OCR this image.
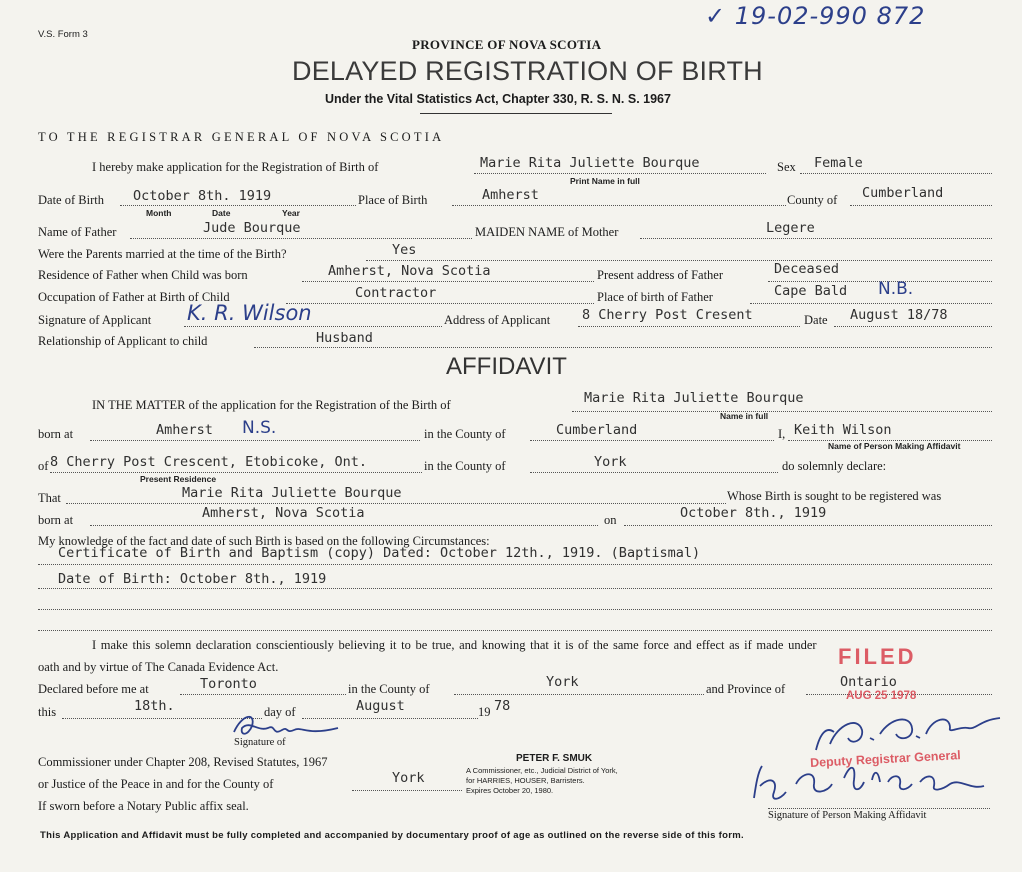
V.S. Form 3
✓ 19-02-990 872
PROVINCE OF NOVA SCOTIA
DELAYED REGISTRATION OF BIRTH
Under the Vital Statistics Act, Chapter 330, R. S. N. S. 1967
TO THE REGISTRAR GENERAL OF NOVA SCOTIA
I hereby make application for the Registration of Birth of	Marie Rita Juliette Bourque	Sex Female
Print Name in full
Date of Birth October 8th. 1919	Place of Birth	Amherst	County of Cumberland
Month	Date	Year
Name of Father	Jude Bourque	MAIDEN NAME of Mother	Legere
Were the Parents married at the time of the Birth?	Yes
Residence of Father when Child was born	Amherst, Nova Scotia	Present address of Father	Deceased
Occupation of Father at Birth of Child	Contractor	Place of birth of Father	Cape Bald N.B.
Signature of Applicant K. R. Wilson	Address of Applicant 8 Cherry Post Cresent	Date August 18/78
Relationship of Applicant to child	Husband
AFFIDAVIT
IN THE MATTER of the application for the Registration of the Birth of	Marie Rita Juliette Bourque
Name in full
born at	Amherst N.S.	in the County of	Cumberland	I, Keith Wilson
Name of Person Making Affidavit
of 8 Cherry Post Crescent, Etobicoke, Ont.	in the County of	York	do solemnly declare:
Present Residence
That	Marie Rita Juliette Bourque	Whose Birth is sought to be registered was
born at	Amherst, Nova Scotia	on	October 8th., 1919
My knowledge of the fact and date of such Birth is based on the following Circumstances:
Certificate of Birth and Baptism (copy) Dated: October 12th., 1919. (Baptismal)
Date of Birth: October 8th., 1919
I make this solemn declaration conscientiously believing it to be true, and knowing that it is of the same force and effect as if made under
oath and by virtue of The Canada Evidence Act.
Declared before me at	Toronto	in the County of	York	and Province of	Ontario
this	18th.	day of	August	19 78
Signature of
Commissioner under Chapter 208, Revised Statutes, 1967
or Justice of the Peace in and for the County of	York
If sworn before a Notary Public affix seal.
PETER F. SMUK
A Commissioner, etc., Judicial District of York,
for HARRIES, HOUSER, Barristers.
Expires October 20, 1980.
FILED
AUG 25 1978
Deputy Registrar General
Signature of Person Making Affidavit
This Application and Affidavit must be fully completed and accompanied by documentary proof of age as outlined on the reverse side of this form.
